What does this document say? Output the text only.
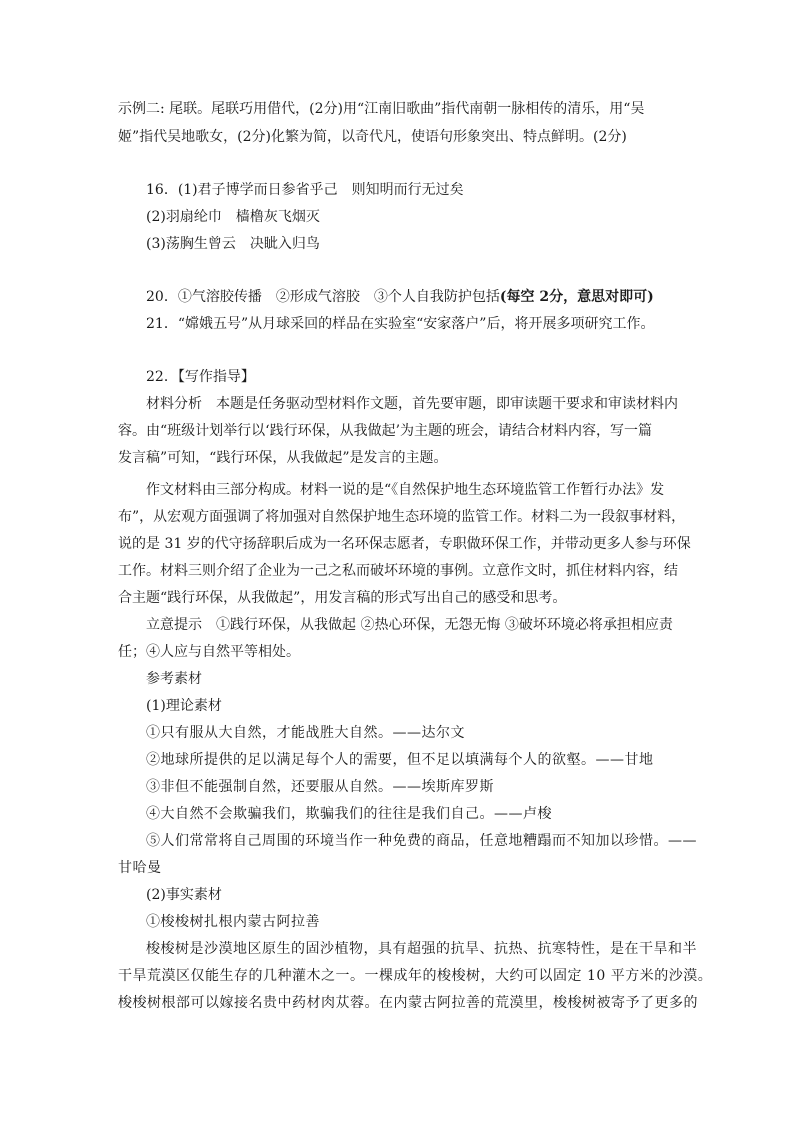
示例二: 尾联。尾联巧用借代，(2分)用“江南旧歌曲”指代南朝一脉相传的清乐，用“吴
姬”指代吴地歌女，(2分)化繁为简，以奇代凡，使语句形象突出、特点鲜明。(2分)
16．(1)君子博学而日参省乎己　则知明而行无过矣
(2)羽扇纶巾　樯橹灰飞烟灭
(3)荡胸生曾云　决眦入归鸟
20．①气溶胶传播　②形成气溶胶　③个人自我防护包括(每空 2分，意思对即可)
21．“嫦娥五号”从月球采回的样品在实验室“安家落户”后，将开展多项研究工作。
22．【写作指导】
材料分析　本题是任务驱动型材料作文题，首先要审题，即审读题干要求和审读材料内
容。由“班级计划举行以‘践行环保，从我做起’为主题的班会，请结合材料内容，写一篇
发言稿”可知，“践行环保，从我做起”是发言的主题。
作文材料由三部分构成。材料一说的是“《自然保护地生态环境监管工作暂行办法》发
布”，从宏观方面强调了将加强对自然保护地生态环境的监管工作。材料二为一段叙事材料，
说的是 31 岁的代守扬辞职后成为一名环保志愿者，专职做环保工作，并带动更多人参与环保
工作。材料三则介绍了企业为一己之私而破坏环境的事例。立意作文时，抓住材料内容，结
合主题“践行环保，从我做起”，用发言稿的形式写出自己的感受和思考。
立意提示　①践行环保，从我做起 ②热心环保，无怨无悔 ③破坏环境必将承担相应责
任；④人应与自然平等相处。
参考素材
(1)理论素材
①只有服从大自然，才能战胜大自然。——达尔文
②地球所提供的足以满足每个人的需要，但不足以填满每个人的欲壑。——甘地
③非但不能强制自然，还要服从自然。——埃斯库罗斯
④大自然不会欺骗我们，欺骗我们的往往是我们自己。——卢梭
⑤人们常常将自己周围的环境当作一种免费的商品，任意地糟蹋而不知加以珍惜。——
甘哈曼
(2)事实素材
①梭梭树扎根内蒙古阿拉善
梭梭树是沙漠地区原生的固沙植物，具有超强的抗旱、抗热、抗寒特性，是在干旱和半
干旱荒漠区仅能生存的几种灌木之一。一棵成年的梭梭树，大约可以固定 10 平方米的沙漠。
梭梭树根部可以嫁接名贵中药材肉苁蓉。在内蒙古阿拉善的荒漠里，梭梭树被寄予了更多的
